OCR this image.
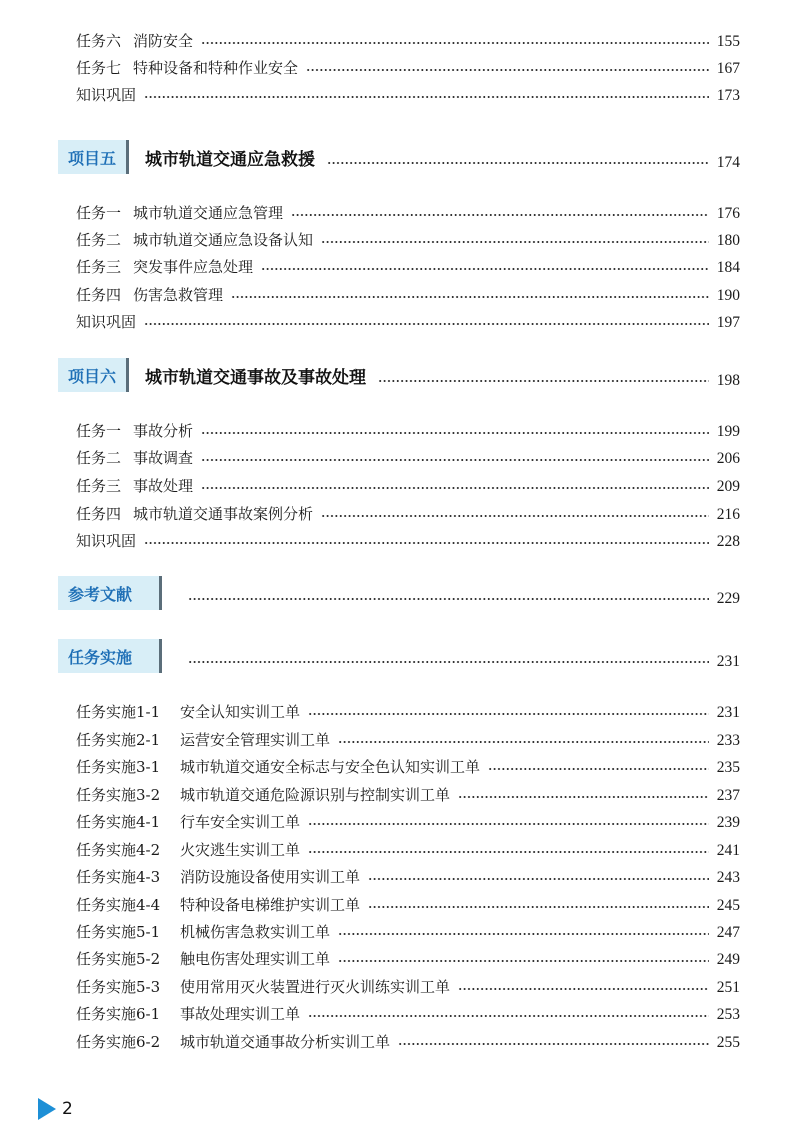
任务六 消防安全	155
任务七 特种设备和特种作业安全	167
知识巩固	173
项目五	城市轨道交通应急救援	174
任务一 城市轨道交通应急管理	176
任务二 城市轨道交通应急设备认知	180
任务三 突发事件应急处理	184
任务四 伤害急救管理	190
知识巩固	197
项目六	城市轨道交通事故及事故处理	198
任务一 事故分析	199
任务二 事故调查	206
任务三 事故处理	209
任务四 城市轨道交通事故案例分析	216
知识巩固	228
参考文献	229
任务实施	231
任务实施 1-1	安全认知实训工单	231
任务实施 2-1	运营安全管理实训工单	233
任务实施 3-1	城市轨道交通安全标志与安全色认知实训工单	235
任务实施 3-2	城市轨道交通危险源识别与控制实训工单	237
任务实施 4-1	行车安全实训工单	239
任务实施 4-2	火灾逃生实训工单	241
任务实施 4-3	消防设施设备使用实训工单	243
任务实施 4-4	特种设备电梯维护实训工单	245
任务实施 5-1	机械伤害急救实训工单	247
任务实施 5-2	触电伤害处理实训工单	249
任务实施 5-3	使用常用灭火装置进行灭火训练实训工单	251
任务实施 6-1	事故处理实训工单	253
任务实施 6-2	城市轨道交通事故分析实训工单	255
2
